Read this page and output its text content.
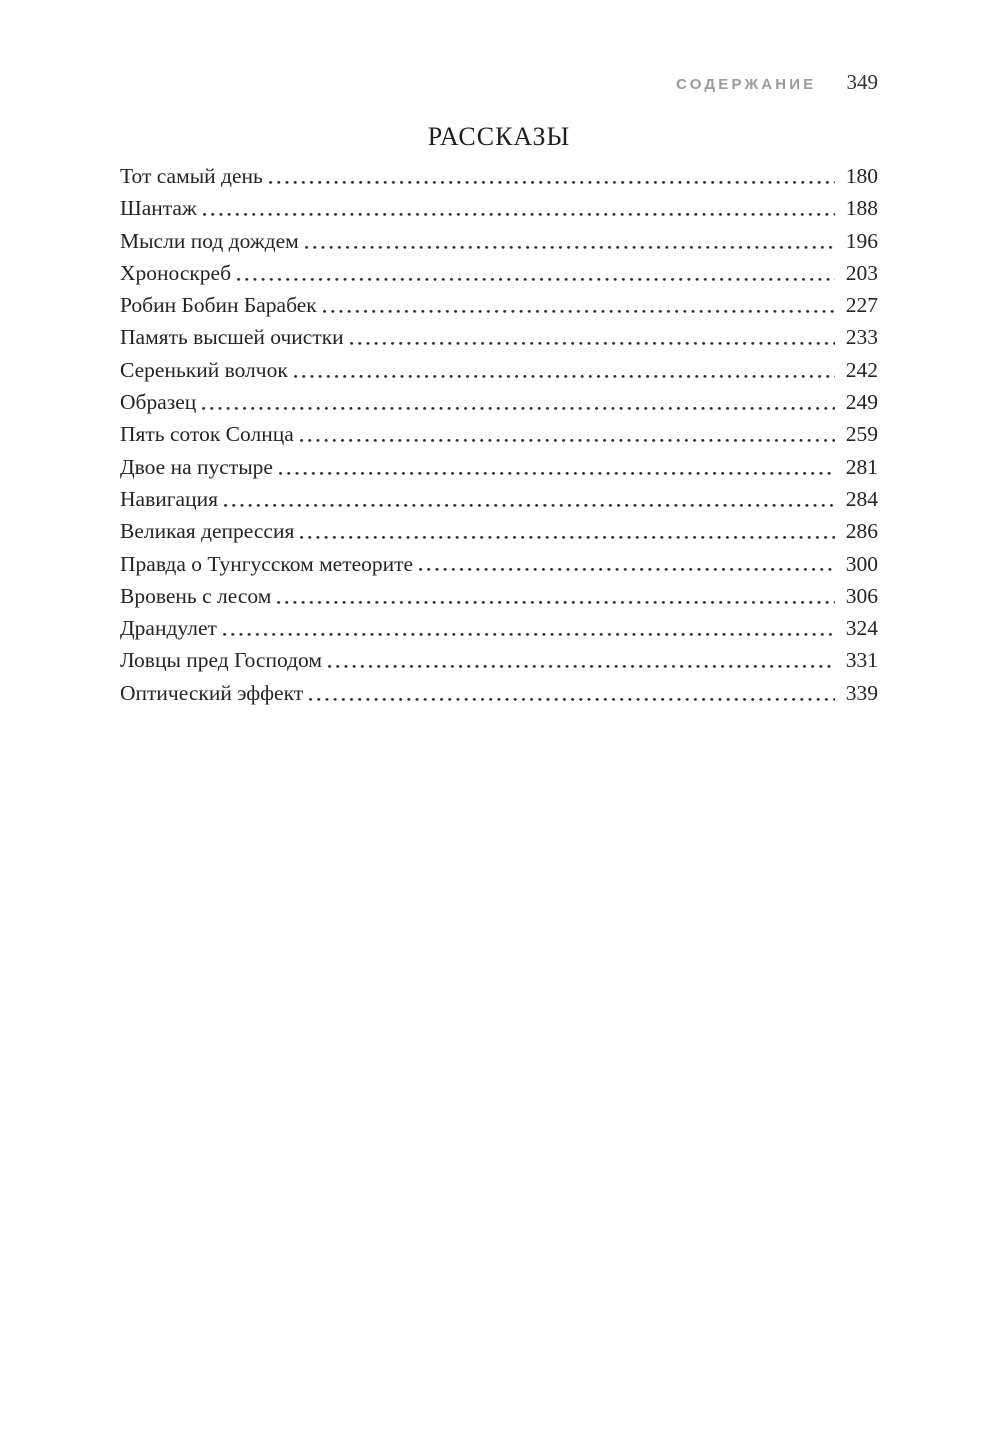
СОДЕРЖАНИЕ 349
РАССКАЗЫ
Тот самый день	180
Шантаж	188
Мысли под дождем	196
Хроноскреб	203
Робин Бобин Барабек	227
Память высшей очистки	233
Серенький волчок	242
Образец	249
Пять соток Солнца	259
Двое на пустыре	281
Навигация	284
Великая депрессия	286
Правда о Тунгусском метеорите	300
Вровень с лесом	306
Драндулет	324
Ловцы пред Господом	331
Оптический эффект	339
